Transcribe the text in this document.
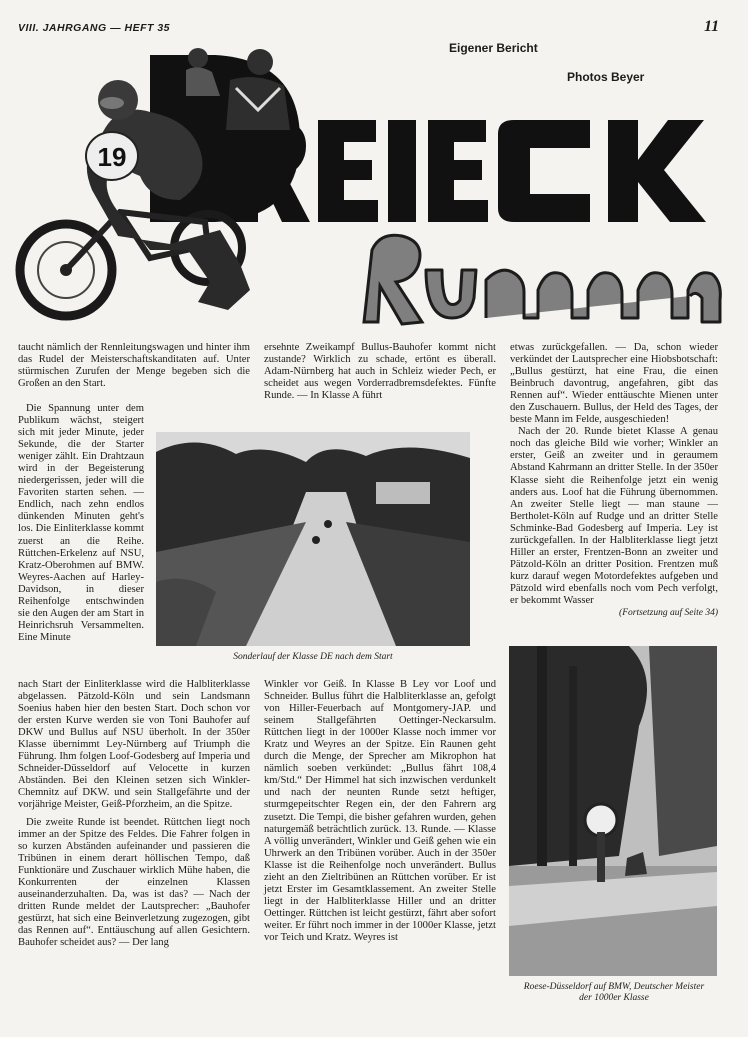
VIII. JAHRGANG — HEFT 35	11
Eigener Bericht
Photos Beyer
19

taucht nämlich der Rennleitungswagen und hinter ihm das Rudel der Meisterschaftskanditaten auf. Unter stürmischen Zurufen der Menge begeben sich die Großen an den Start.

Die Spannung unter dem Publikum wächst, steigert sich mit jeder Minute, jeder Sekunde, die der Starter weniger zählt. Ein Drahtzaun wird in der Begeisterung niedergerissen, jeder will die Favoriten starten sehen. — Endlich, nach zehn endlos dünkenden Minuten geht's los. Die Einliterklasse kommt zuerst an die Reihe. Rüttchen-Erkelenz auf NSU, Kratz-Oberohmen auf BMW. Weyres-Aachen auf Harley-Davidson, in dieser Reihenfolge entschwinden sie den Augen der am Start in Heinrichsruh Versammelten. Eine Minute

nach Start der Einliterklasse wird die Halbliterklasse abgelassen. Pätzold-Köln und sein Landsmann Soenius haben hier den besten Start. Doch schon vor der ersten Kurve werden sie von Toni Bauhofer auf DKW und Bullus auf NSU überholt. In der 350er Klasse übernimmt Ley-Nürnberg auf Triumph die Führung. Ihm folgen Loof-Godesberg auf Imperia und Schneider-Düsseldorf auf Velocette in kurzen Abständen. Bei den Kleinen setzen sich Winkler-Chemnitz auf DKW. und sein Stallgefährte und der vorjährige Meister, Geiß-Pforzheim, an die Spitze.

Die zweite Runde ist beendet. Rüttchen liegt noch immer an der Spitze des Feldes. Die Fahrer folgen in so kurzen Abständen aufeinander und passieren die Tribünen in einem derart höllischen Tempo, daß Funktionäre und Zuschauer wirklich Mühe haben, die Konkurrenten der einzelnen Klassen auseinanderzuhalten. Da, was ist das? — Nach der dritten Runde meldet der Lautsprecher: „Bauhofer gestürzt, hat sich eine Beinverletzung zugezogen, gibt das Rennen auf“. Enttäuschung auf allen Gesichtern. Bauhofer scheidet aus? — Der lang

ersehnte Zweikampf Bullus-Bauhofer kommt nicht zustande? Wirklich zu schade, ertönt es überall. Adam-Nürnberg hat auch in Schleiz wieder Pech, er scheidet aus wegen Vorderradbremsdefektes. Fünfte Runde. — In Klasse A führt

Sonderlauf der Klasse DE nach dem Start

Winkler vor Geiß. In Klasse B Ley vor Loof und Schneider. Bullus führt die Halbliterklasse an, gefolgt von Hiller-Feuerbach auf Montgomery-JAP. und seinem Stallgefährten Oettinger-Neckarsulm. Rüttchen liegt in der 1000er Klasse noch immer vor Kratz und Weyres an der Spitze. Ein Raunen geht durch die Menge, der Sprecher am Mikrophon hat nämlich soeben verkündet: „Bullus fährt 108,4 km/Std.“ Der Himmel hat sich inzwischen verdunkelt und nach der neunten Runde setzt heftiger, sturmgepeitschter Regen ein, der den Fahrern arg zusetzt. Die Tempi, die bisher gefahren wurden, gehen naturgemäß beträchtlich zurück. 13. Runde. — Klasse A völlig unverändert, Winkler und Geiß gehen wie ein Uhrwerk an den Tribünen vorüber. Auch in der 350er Klasse ist die Reihenfolge noch unverändert. Bullus zieht an den Zieltribünen an Rüttchen vorüber. Er ist jetzt Erster im Gesamtklassement. An zweiter Stelle liegt in der Halbliterklasse Hiller und an dritter Oettinger. Rüttchen ist leicht gestürzt, fährt aber sofort weiter. Er führt noch immer in der 1000er Klasse, jetzt vor Teich und Kratz. Weyres ist

etwas zurückgefallen. — Da, schon wieder verkündet der Lautsprecher eine Hiobsbotschaft: „Bullus gestürzt, hat eine Frau, die einen Beinbruch davontrug, angefahren, gibt das Rennen auf“. Wieder enttäuschte Mienen unter den Zuschauern. Bullus, der Held des Tages, der beste Mann im Felde, ausgeschieden!

Nach der 20. Runde bietet Klasse A genau noch das gleiche Bild wie vorher; Winkler an erster, Geiß an zweiter und in geraumem Abstand Kahrmann an dritter Stelle. In der 350er Klasse sieht die Reihenfolge jetzt ein wenig anders aus. Loof hat die Führung übernommen. An zweiter Stelle liegt — man staune — Bertholet-Köln auf Rudge und an dritter Stelle Schminke-Bad Godesberg auf Imperia. Ley ist zurückgefallen. In der Halbliterklasse liegt jetzt Hiller an erster, Frentzen-Bonn an zweiter und Pätzold-Köln an dritter Position. Frentzen muß kurz darauf wegen Motordefektes aufgeben und Pätzold wird ebenfalls noch vom Pech verfolgt, er bekommt Wasser

(Fortsetzung auf Seite 34)
Roese-Düsseldorf auf BMW, Deutscher Meister
der 1000er Klasse
